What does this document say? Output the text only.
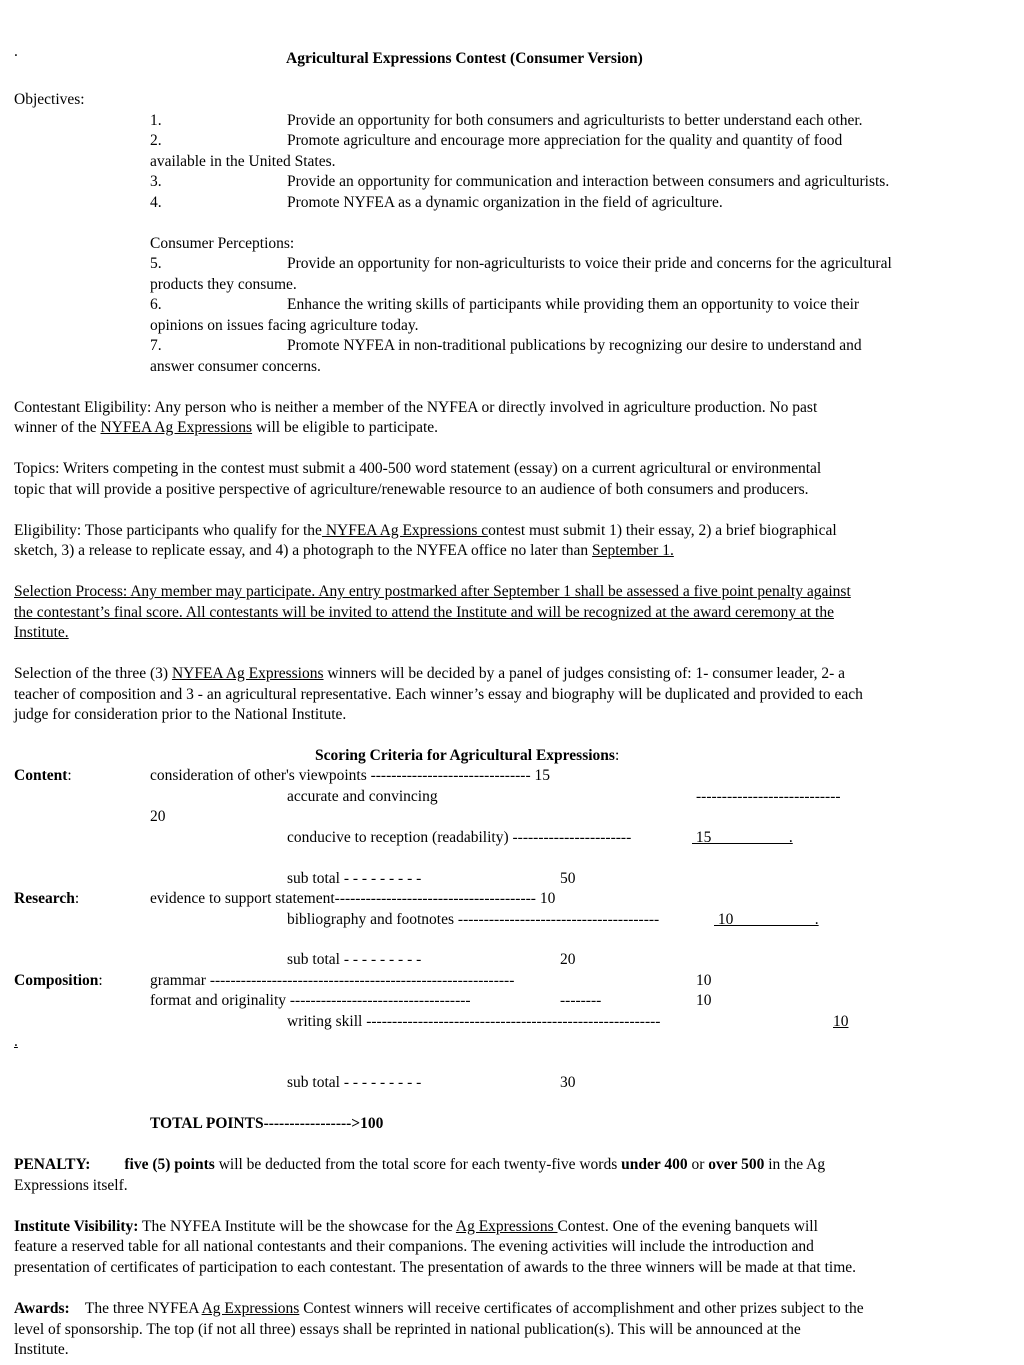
.	Agricultural Expressions Contest (Consumer Version)
Objectives:
1.	Provide an opportunity for both consumers and agriculturists to better understand each other.
2.	Promote agriculture and encourage more appreciation for the quality and quantity of food
available in the United States.
3.	Provide an opportunity for communication and interaction between consumers and agriculturists.
4.	Promote NYFEA as a dynamic organization in the field of agriculture.
Consumer Perceptions:
5.	Provide an opportunity for non-agriculturists to voice their pride and concerns for the agricultural
products they consume.
6.	Enhance the writing skills of participants while providing them an opportunity to voice their
opinions on issues facing agriculture today.
7.	Promote NYFEA in non-traditional publications by recognizing our desire to understand and
answer consumer concerns.
Contestant Eligibility: Any person who is neither a member of the NYFEA or directly involved in agriculture production. No past
winner of the NYFEA Ag Expressions will be eligible to participate.
Topics: Writers competing in the contest must submit a 400-500 word statement (essay) on a current agricultural or environmental
topic that will provide a positive perspective of agriculture/renewable resource to an audience of both consumers and producers.
Eligibility: Those participants who qualify for the NYFEA Ag Expressions contest must submit 1) their essay, 2) a brief biographical
sketch, 3) a release to replicate essay, and 4) a photograph to the NYFEA office no later than September 1.
Selection Process: Any member may participate. Any entry postmarked after September 1 shall be assessed a five point penalty against
the contestant’s final score. All contestants will be invited to attend the Institute and will be recognized at the award ceremony at the
Institute.
Selection of the three (3) NYFEA Ag Expressions winners will be decided by a panel of judges consisting of: 1- consumer leader, 2- a
teacher of composition and 3 - an agricultural representative. Each winner’s essay and biography will be duplicated and provided to each
judge for consideration prior to the National Institute.
Scoring Criteria for Agricultural Expressions:
Content:	consideration of other's viewpoints ------------------------------- 15
accurate and convincing	----------------------------
20
conducive to reception (readability) -----------------------	15                    .
sub total - - - - - - - - -	50
Research:	evidence to support statement--------------------------------------- 10
bibliography and footnotes ---------------------------------------	10                     .
sub total - - - - - - - - -	20
Composition:	grammar -----------------------------------------------------------	10
format and originality -----------------------------------	--------	10
writing skill ---------------------------------------------------------	10
.
sub total - - - - - - - - -	30
TOTAL POINTS----------------->100
PENALTY: five (5) points will be deducted from the total score for each twenty-five words under 400 or over 500 in the Ag
Expressions itself.
Institute Visibility: The NYFEA Institute will be the showcase for the Ag Expressions Contest. One of the evening banquets will
feature a reserved table for all national contestants and their companions. The evening activities will include the introduction and
presentation of certificates of participation to each contestant. The presentation of awards to the three winners will be made at that time.
Awards:    The three NYFEA Ag Expressions Contest winners will receive certificates of accomplishment and other prizes subject to the
level of sponsorship. The top (if not all three) essays shall be reprinted in national publication(s). This will be announced at the
Institute.
